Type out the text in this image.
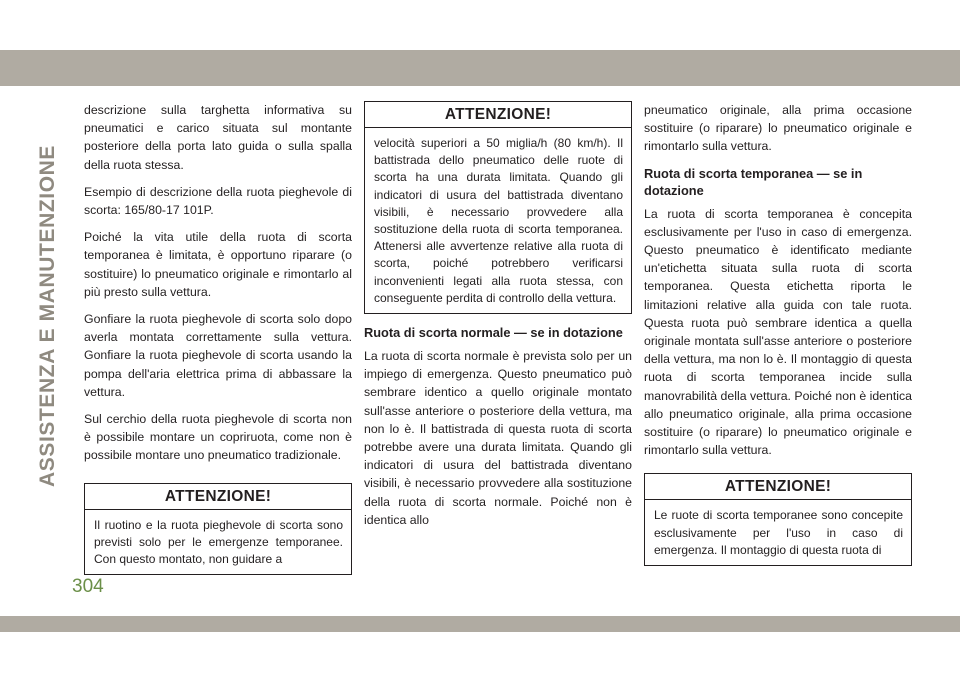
ASSISTENZA E MANUTENZIONE

descrizione sulla targhetta informativa su pneumatici e carico situata sul montante posteriore della porta lato guida o sulla spalla della ruota stessa.

Esempio di descrizione della ruota pieghevole di scorta: 165/80-17 101P.

Poiché la vita utile della ruota di scorta temporanea è limitata, è opportuno riparare (o sostituire) lo pneumatico originale e rimontarlo al più presto sulla vettura.

Gonfiare la ruota pieghevole di scorta solo dopo averla montata correttamente sulla vettura. Gonfiare la ruota pieghevole di scorta usando la pompa dell'aria elettrica prima di abbassare la vettura.

Sul cerchio della ruota pieghevole di scorta non è possibile montare un copriruota, come non è possibile montare uno pneumatico tradizionale.

ATTENZIONE!

Il ruotino e la ruota pieghevole di scorta sono previsti solo per le emergenze temporanee. Con questo montato, non guidare a

ATTENZIONE!

velocità superiori a 50 miglia/h (80 km/h). Il battistrada dello pneumatico delle ruote di scorta ha una durata limitata. Quando gli indicatori di usura del battistrada diventano visibili, è necessario provvedere alla sostituzione della ruota di scorta temporanea. Attenersi alle avvertenze relative alla ruota di scorta, poiché potrebbero verificarsi inconvenienti legati alla ruota stessa, con conseguente perdita di controllo della vettura.

Ruota di scorta normale — se in dotazione

La ruota di scorta normale è prevista solo per un impiego di emergenza. Questo pneumatico può sembrare identico a quello originale montato sull'asse anteriore o posteriore della vettura, ma non lo è. Il battistrada di questa ruota di scorta potrebbe avere una durata limitata. Quando gli indicatori di usura del battistrada diventano visibili, è necessario provvedere alla sostituzione della ruota di scorta normale. Poiché non è identica allo

pneumatico originale, alla prima occasione sostituire (o riparare) lo pneumatico originale e rimontarlo sulla vettura.

Ruota di scorta temporanea — se in dotazione

La ruota di scorta temporanea è concepita esclusivamente per l'uso in caso di emergenza. Questo pneumatico è identificato mediante un'etichetta situata sulla ruota di scorta temporanea. Questa etichetta riporta le limitazioni relative alla guida con tale ruota. Questa ruota può sembrare identica a quella originale montata sull'asse anteriore o posteriore della vettura, ma non lo è. Il montaggio di questa ruota di scorta temporanea incide sulla manovrabilità della vettura. Poiché non è identica allo pneumatico originale, alla prima occasione sostituire (o riparare) lo pneumatico originale e rimontarlo sulla vettura.

ATTENZIONE!

Le ruote di scorta temporanee sono concepite esclusivamente per l'uso in caso di emergenza. Il montaggio di questa ruota di

304
